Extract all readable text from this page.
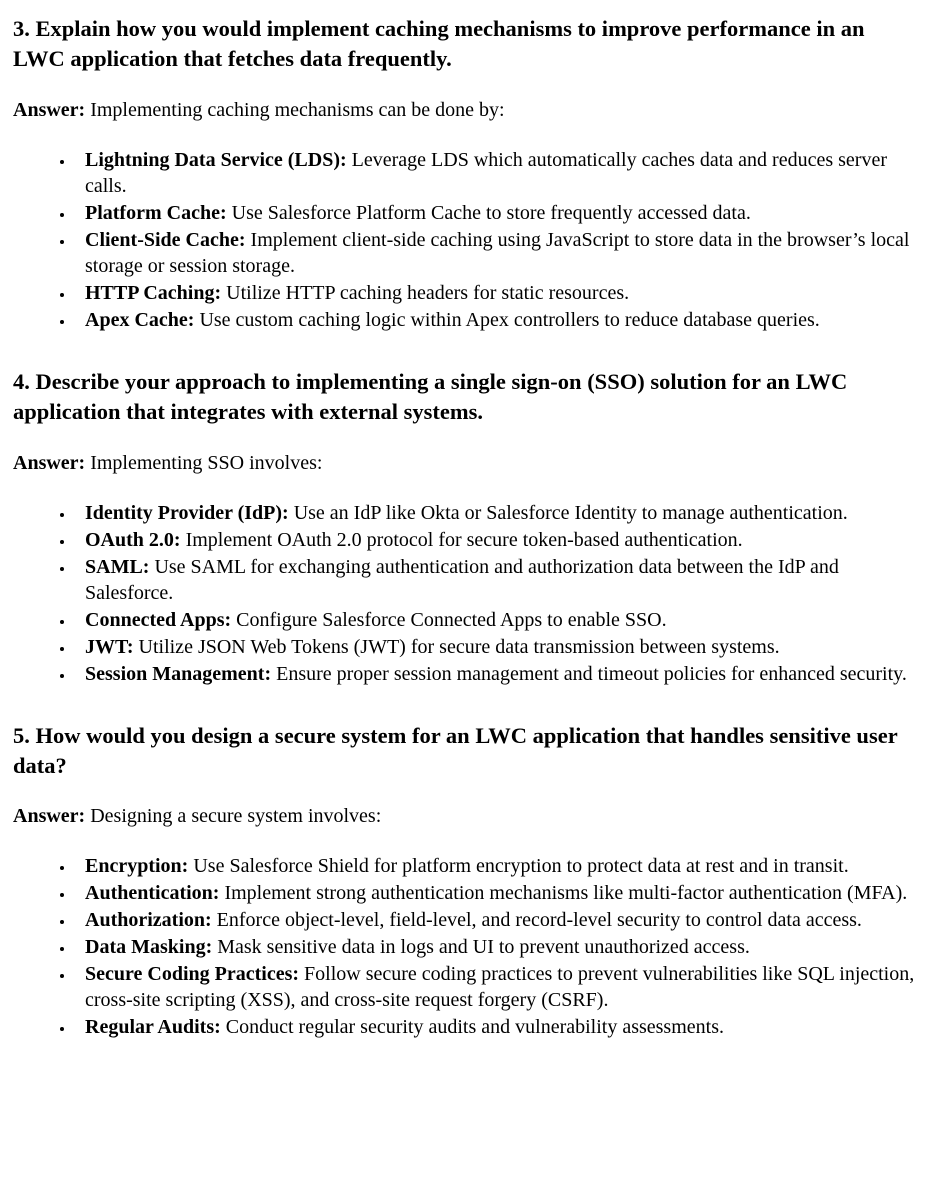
3. Explain how you would implement caching mechanisms to improve performance in an LWC application that fetches data frequently.

Answer: Implementing caching mechanisms can be done by:

• Lightning Data Service (LDS): Leverage LDS which automatically caches data and reduces server calls.
• Platform Cache: Use Salesforce Platform Cache to store frequently accessed data.
• Client-Side Cache: Implement client-side caching using JavaScript to store data in the browser’s local storage or session storage.
• HTTP Caching: Utilize HTTP caching headers for static resources.
• Apex Cache: Use custom caching logic within Apex controllers to reduce database queries.

4. Describe your approach to implementing a single sign-on (SSO) solution for an LWC application that integrates with external systems.

Answer: Implementing SSO involves:

• Identity Provider (IdP): Use an IdP like Okta or Salesforce Identity to manage authentication.
• OAuth 2.0: Implement OAuth 2.0 protocol for secure token-based authentication.
• SAML: Use SAML for exchanging authentication and authorization data between the IdP and Salesforce.
• Connected Apps: Configure Salesforce Connected Apps to enable SSO.
• JWT: Utilize JSON Web Tokens (JWT) for secure data transmission between systems.
• Session Management: Ensure proper session management and timeout policies for enhanced security.

5. How would you design a secure system for an LWC application that handles sensitive user data?

Answer: Designing a secure system involves:

• Encryption: Use Salesforce Shield for platform encryption to protect data at rest and in transit.
• Authentication: Implement strong authentication mechanisms like multi-factor authentication (MFA).
• Authorization: Enforce object-level, field-level, and record-level security to control data access.
• Data Masking: Mask sensitive data in logs and UI to prevent unauthorized access.
• Secure Coding Practices: Follow secure coding practices to prevent vulnerabilities like SQL injection, cross-site scripting (XSS), and cross-site request forgery (CSRF).
• Regular Audits: Conduct regular security audits and vulnerability assessments.
